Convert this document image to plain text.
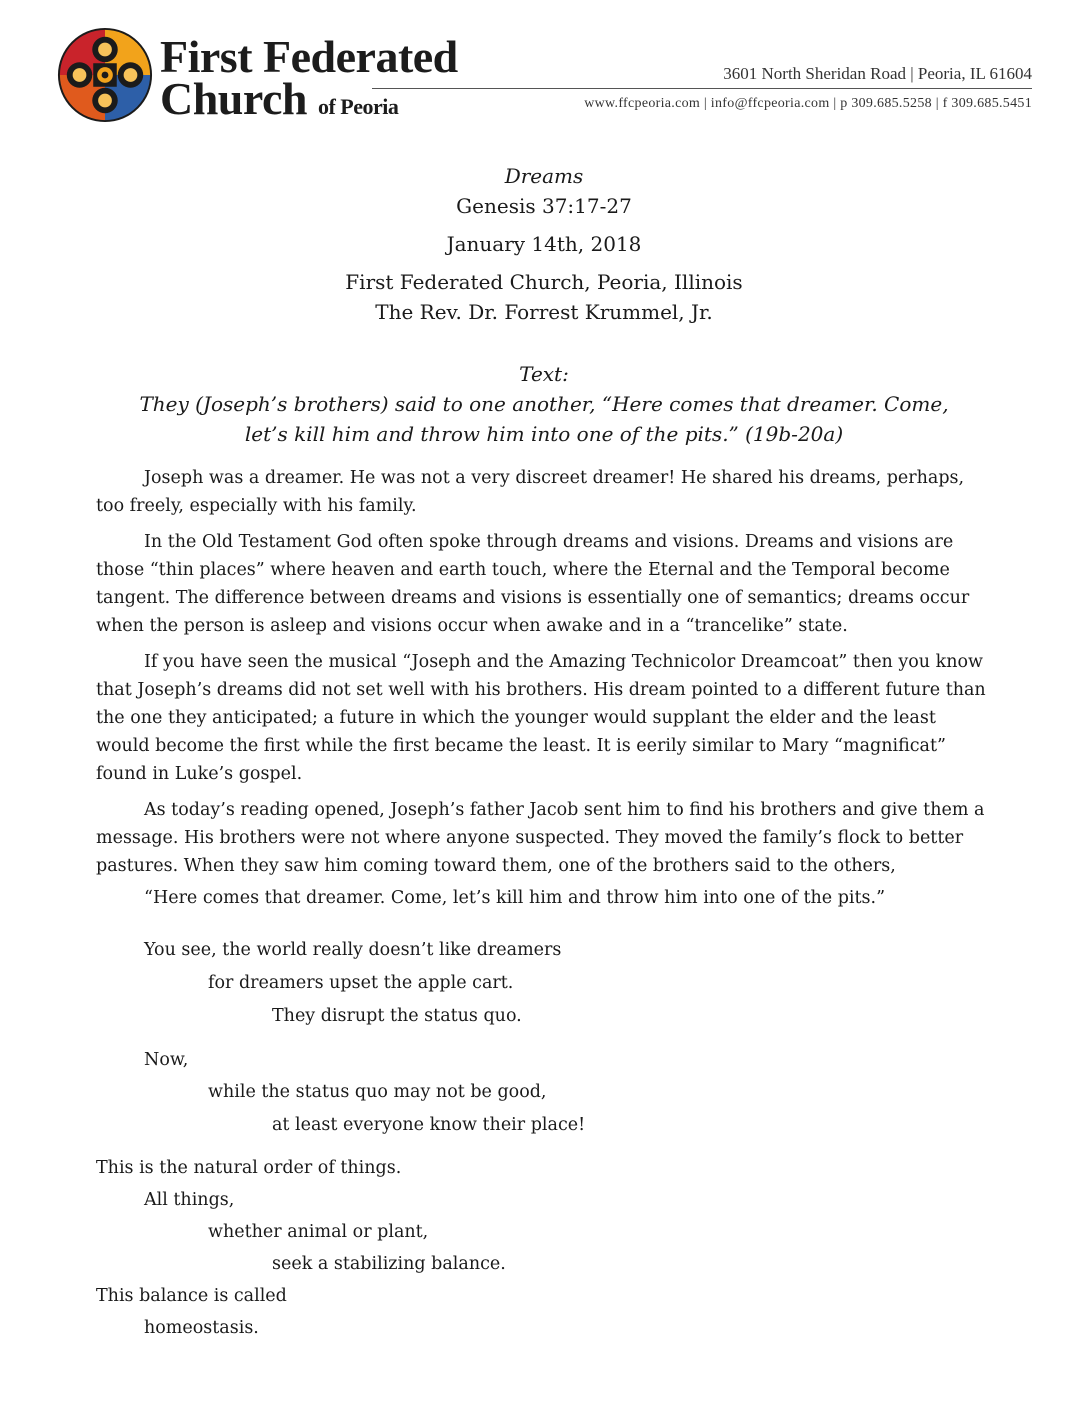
First Federated
Church of Peoria
3601 North Sheridan Road | Peoria, IL 61604
www.ffcpeoria.com | info@ffcpeoria.com | p 309.685.5258 | f 309.685.5451
Dreams
Genesis 37:17-27
January 14th, 2018
First Federated Church, Peoria, Illinois
The Rev. Dr. Forrest Krummel, Jr.
Text:
They (Joseph’s brothers) said to one another, “Here comes that dreamer. Come,
let’s kill him and throw him into one of the pits.” (19b-20a)

Joseph was a dreamer. He was not a very discreet dreamer! He shared his dreams, perhaps, too freely, especially with his family.

In the Old Testament God often spoke through dreams and visions. Dreams and visions are those “thin places” where heaven and earth touch, where the Eternal and the Temporal become tangent. The difference between dreams and visions is essentially one of semantics; dreams occur when the person is asleep and visions occur when awake and in a “trancelike” state.

If you have seen the musical “Joseph and the Amazing Technicolor Dreamcoat” then you know that Joseph’s dreams did not set well with his brothers. His dream pointed to a different future than the one they anticipated; a future in which the younger would supplant the elder and the least would become the first while the first became the least. It is eerily similar to Mary “magnificat” found in Luke’s gospel.

As today’s reading opened, Joseph’s father Jacob sent him to find his brothers and give them a message. His brothers were not where anyone suspected. They moved the family’s flock to better pastures. When they saw him coming toward them, one of the brothers said to the others,

“Here comes that dreamer. Come, let’s kill him and throw him into one of the pits.”
You see, the world really doesn’t like dreamers
for dreamers upset the apple cart.
They disrupt the status quo.
Now,
while the status quo may not be good,
at least everyone know their place!
This is the natural order of things.
All things,
whether animal or plant,
seek a stabilizing balance.
This balance is called
homeostasis.
